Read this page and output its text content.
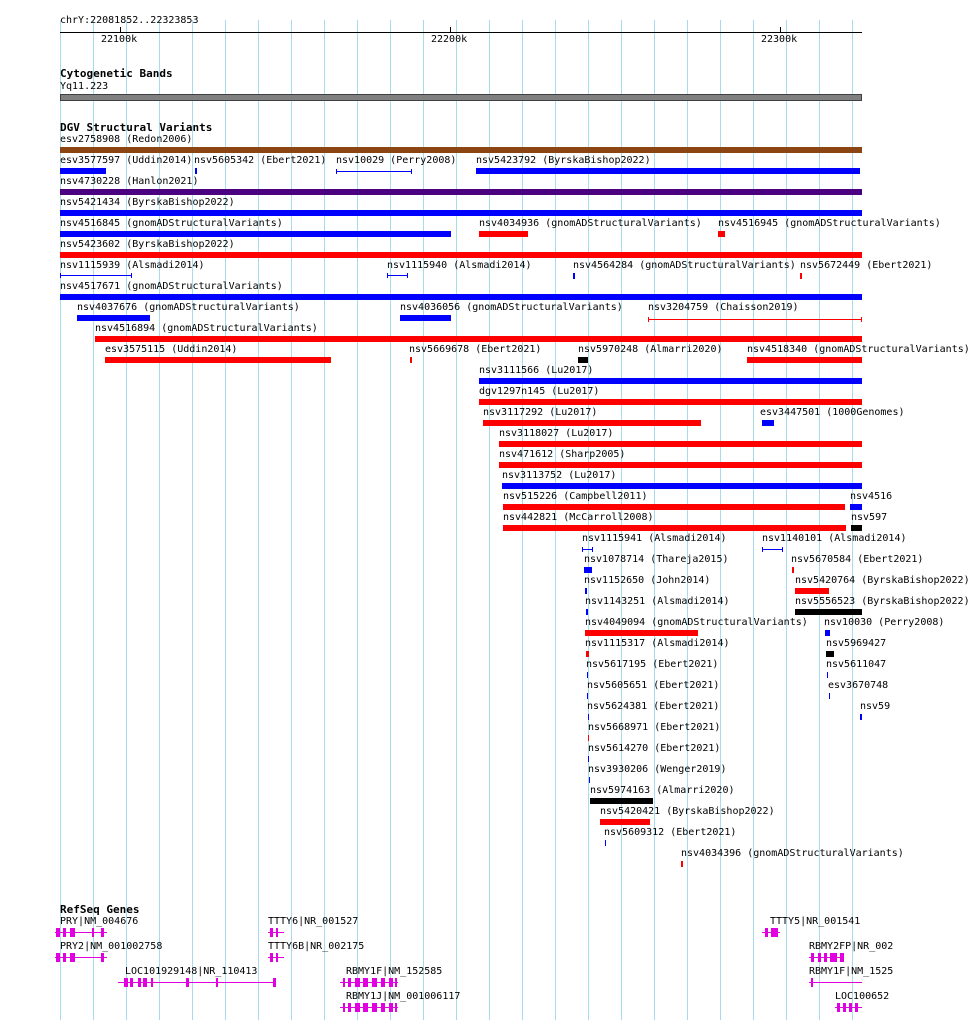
chrY:22081852..22323853
22100k	22200k	22300k
Cytogenetic Bands
Yq11.223
DGV Structural Variants
esv2758908 (Redon2006)
esv3577597 (Uddin2014) nsv5605342 (Ebert2021) nsv10029 (Perry2008) nsv5423792 (ByrskaBishop2022)
nsv4730228 (Hanlon2021)
nsv5421434 (ByrskaBishop2022)
nsv4516845 (gnomADStructuralVariants)	nsv4034936 (gnomADStructuralVariants) nsv4516945 (gnomADStructuralVariants)
nsv5423602 (ByrskaBishop2022)
nsv1115939 (Alsmadi2014)	nsv1115940 (Alsmadi2014)	nsv4564284 (gnomADStructuralVariants) nsv5672449 (Ebert2021)
nsv4517671 (gnomADStructuralVariants)
nsv4037676 (gnomADStructuralVariants)	nsv4036056 (gnomADStructuralVariants)	nsv3204759 (Chaisson2019)
nsv4516894 (gnomADStructuralVariants)
esv3575115 (Uddin2014)	nsv5669678 (Ebert2021)	nsv5970248 (Almarri2020) nsv4518340 (gnomADStructuralVariants)
nsv3111566 (Lu2017)
dgv1297n145 (Lu2017)
nsv3117292 (Lu2017)	esv3447501 (1000Genomes)
nsv3118027 (Lu2017)
nsv471612 (Sharp2005)
nsv3113752 (Lu2017)
nsv515226 (Campbell2011)	nsv4516
nsv442821 (McCarroll2008)	nsv597
nsv1115941 (Alsmadi2014)	nsv1140101 (Alsmadi2014)
nsv1078714 (Thareja2015)	nsv5670584 (Ebert2021)
nsv1152650 (John2014)	nsv5420764 (ByrskaBishop2022)
nsv1143251 (Alsmadi2014)	nsv5556523 (ByrskaBishop2022)
nsv4049094 (gnomADStructuralVariants) nsv10030 (Perry2008)
nsv1115317 (Alsmadi2014)	nsv5969427
nsv5617195 (Ebert2021)	nsv5611047
nsv5605651 (Ebert2021)	esv3670748
nsv5624381 (Ebert2021)	nsv59
nsv5668971 (Ebert2021)
nsv5614270 (Ebert2021)
nsv3930206 (Wenger2019)
nsv5974163 (Almarri2020)
nsv5420421 (ByrskaBishop2022)
nsv5609312 (Ebert2021)
nsv4034396 (gnomADStructuralVariants)
RefSeq Genes
PRY|NM_004676	TTTY6|NR_001527	TTTY5|NR_001541
PRY2|NM_001002758	TTTY6B|NR_002175	RBMY2FP|NR_002
LOC101929148|NR_110413	RBMY1F|NM_152585	RBMY1F|NM_1525
RBMY1J|NM_001006117	LOC100652
